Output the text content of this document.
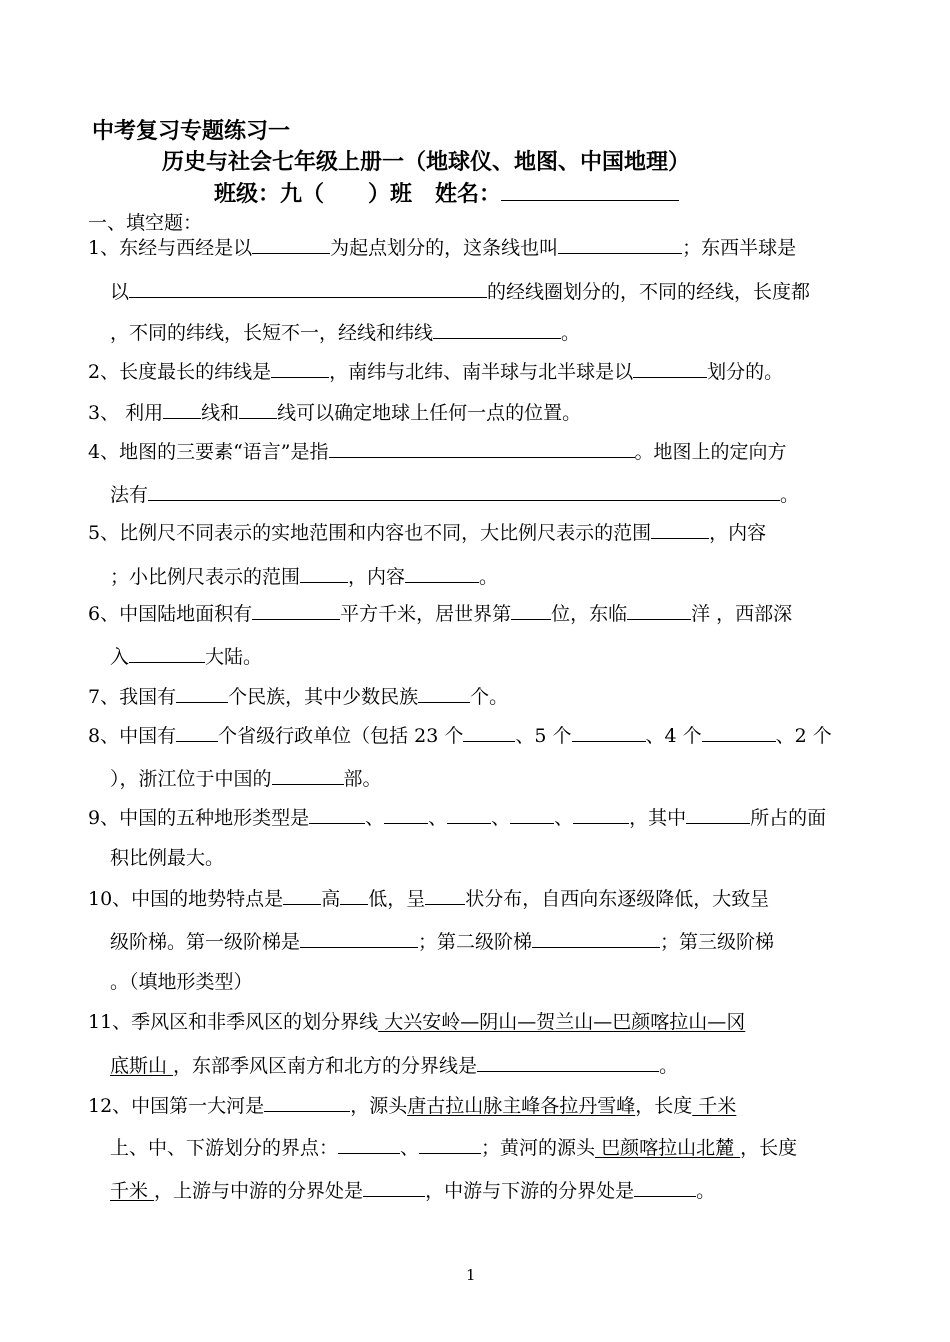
中考复习专题练习一
历史与社会七年级上册一（地球仪、地图、中国地理）
班级：九（　　 ）班 姓名：
一、填空题：
1、东经与西经是以	为起点划分的，这条线也叫	；东西半球是
以	的经线圈划分的，不同的经线，长度都
，不同的纬线，长短不一，经线和纬线	。
2、长度最长的纬线是	，南纬与北纬、南半球与北半球是以	划分的。
3、 利用 线和 线可以确定地球上任何一点的位置。
4、地图的三要素“语言”是指	。地图上的定向方
法有	。
5、比例尺不同表示的实地范围和内容也不同，大比例尺表示的范围	，内容
；小比例尺表示的范围	，内容	。
6、中国陆地面积有	平方千米，居世界第 位，东临	洋 ，西部深
入	大陆。
7、我国有	个民族，其中少数民族	个。
8、中国有 个省级行政单位（包括 23 个	、5 个	、4 个	、2 个
），浙江位于中国的	部。
9、中国的五种地形类型是	、 、 、 、	，其中	所占的面
积比例最大。
10、中国的地势特点是 高 低，呈 状分布，自西向东逐级降低，大致呈
级阶梯。第一级阶梯是	；第二级阶梯	；第三级阶梯
。（填地形类型）
11、季风区和非季风区的划分界线 大兴安岭—阴山—贺兰山—巴颜喀拉山—冈
底斯山 ，东部季风区南方和北方的分界线是	。
12、中国第一大河是	，源头唐古拉山脉主峰各拉丹雪峰，长度 千米
上、中、下游划分的界点：	、	；黄河的源头 巴颜喀拉山北麓 ，长度
千米 ，上游与中游的分界处是	，中游与下游的分界处是	。
1
